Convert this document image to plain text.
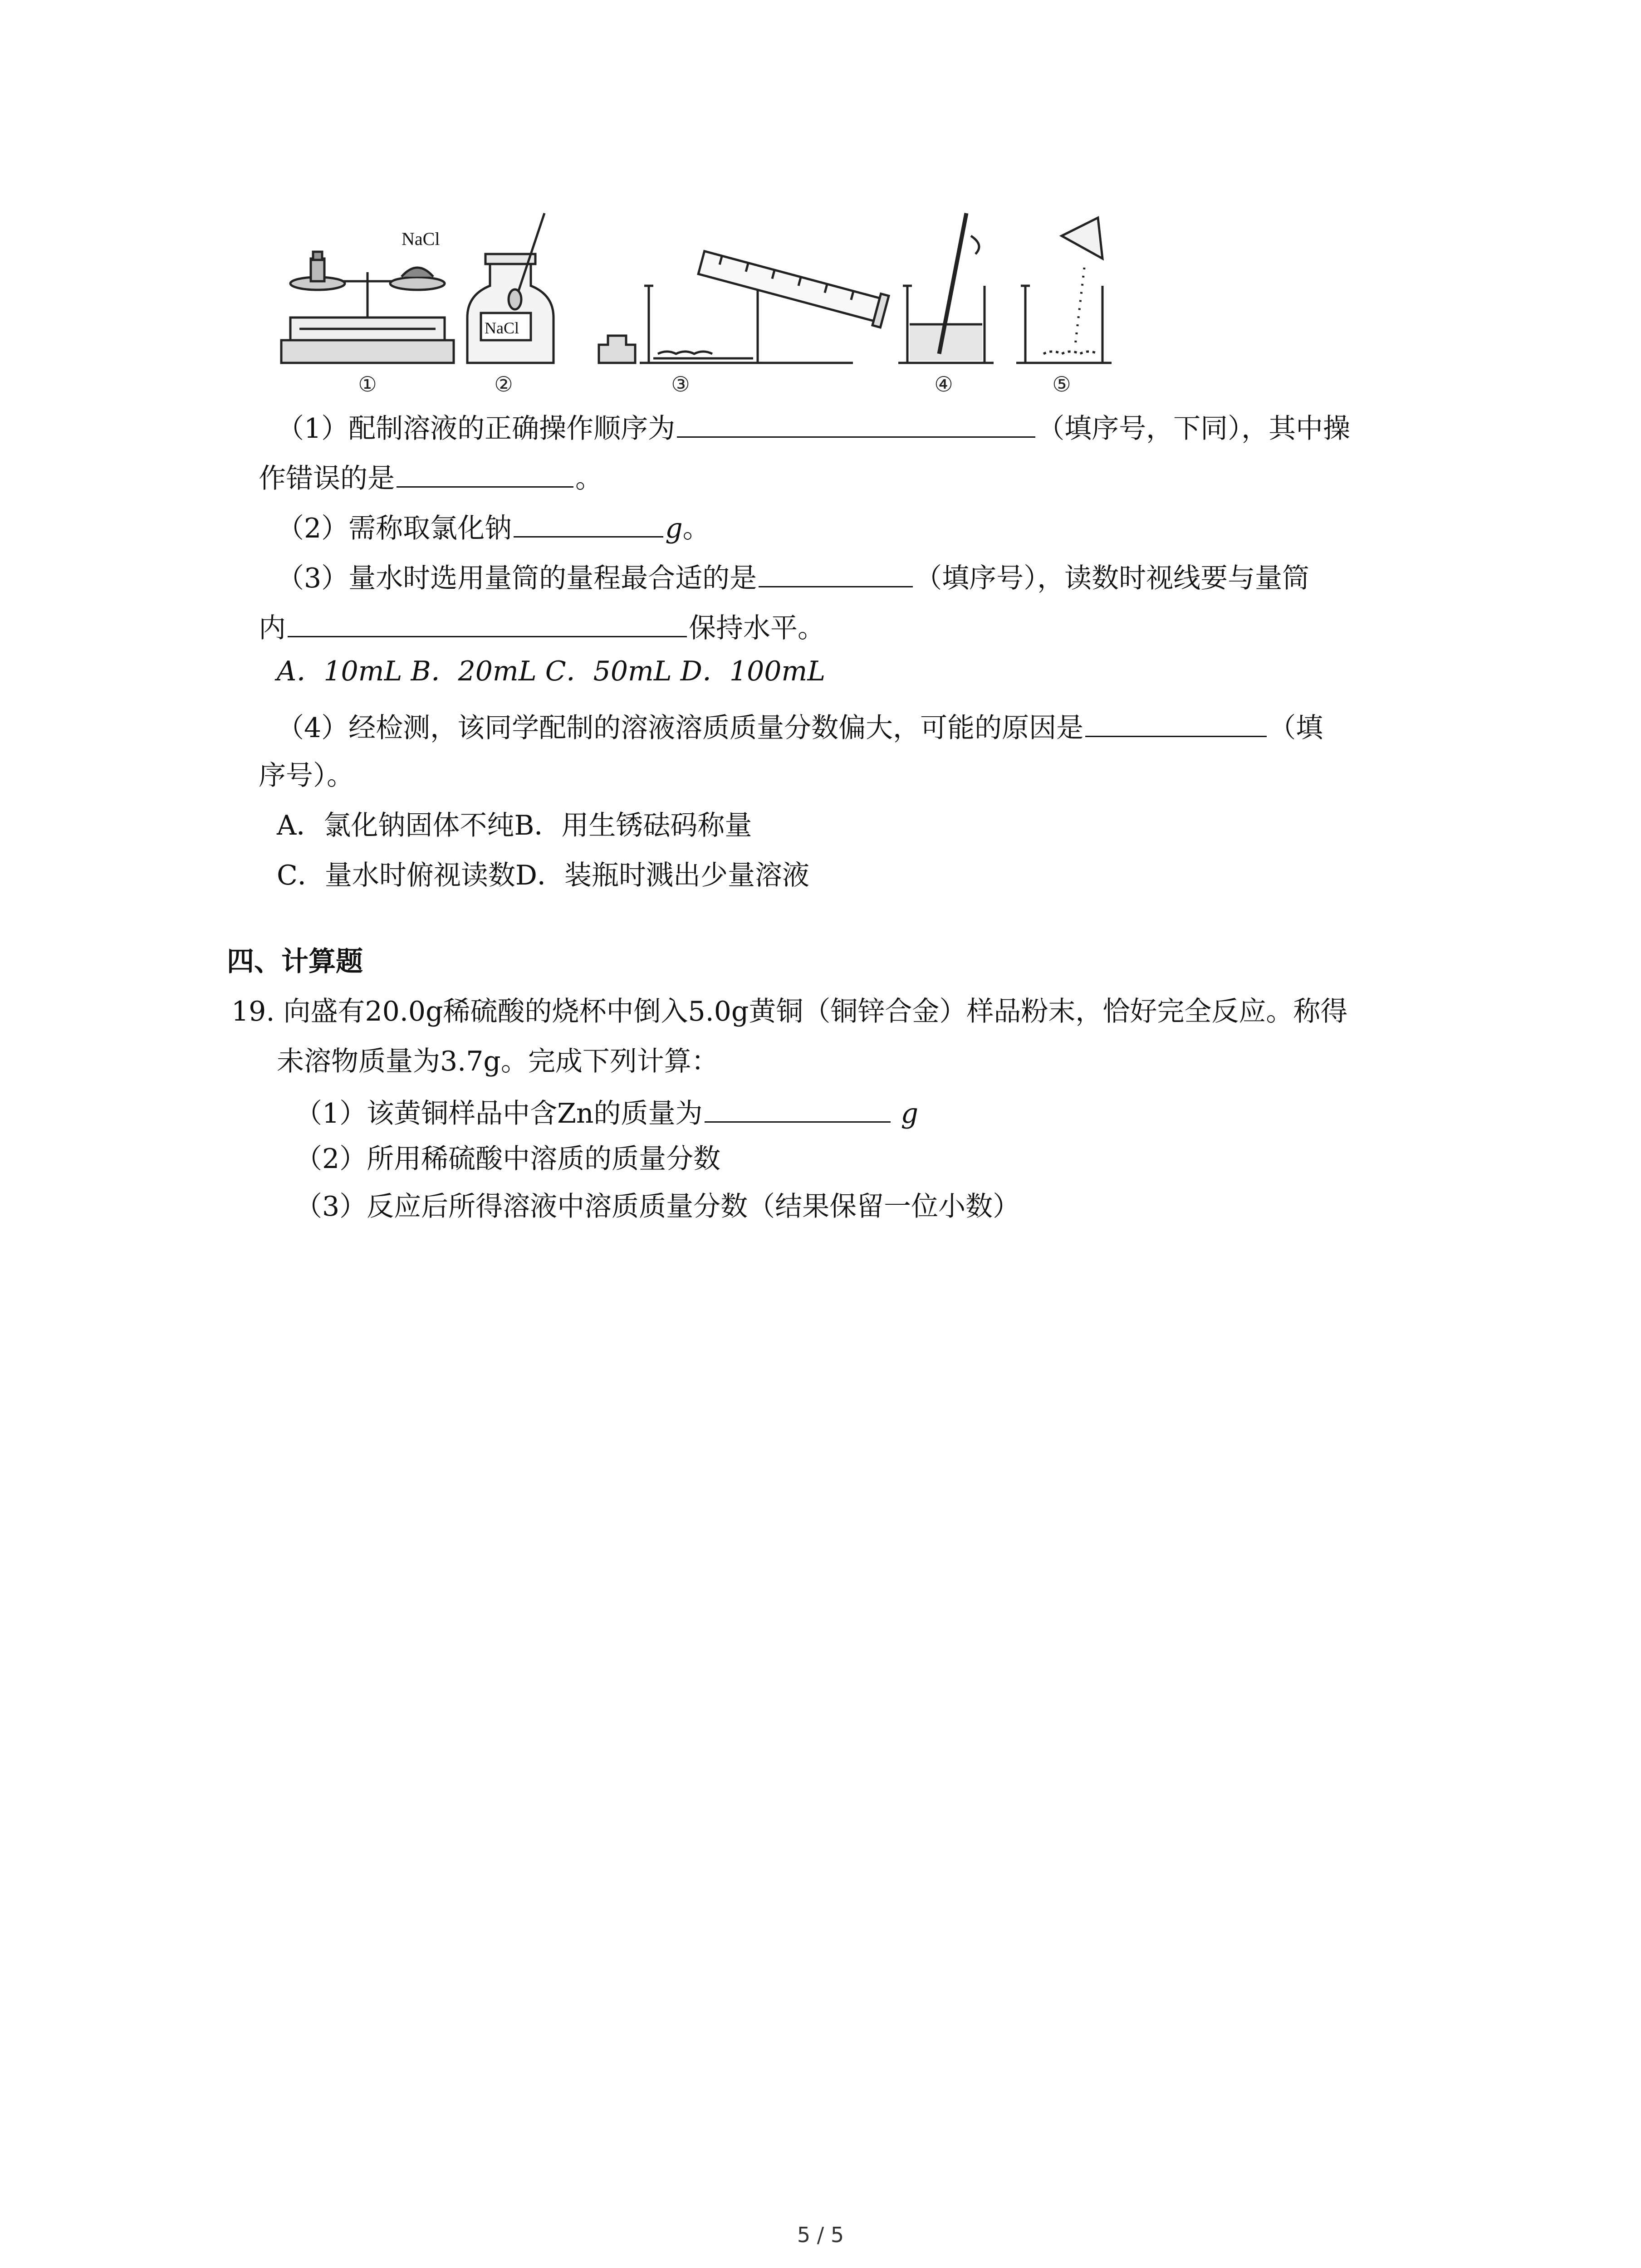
NaCl
NaCl
①	②	③	④	⑤
（1）配制溶液的正确操作顺序为	（填序号，下同），其中操
作错误的是	。
（2）需称取氯化钠	g。
（3）量水时选用量筒的量程最合适的是	（填序号），读数时视线要与量筒
内	保持水平。
A．10mL B．20mL C．50mL D．100mL
（4）经检测，该同学配制的溶液溶质质量分数偏大，可能的原因是	（填
序号）。
A．氯化钠固体不纯B．用生锈砝码称量
C．量水时俯视读数D．装瓶时溅出少量溶液
四、计算题
19. 向盛有20.0g稀硫酸的烧杯中倒入5.0g黄铜（铜锌合金）样品粉末，恰好完全反应。称得
未溶物质量为3.7g。完成下列计算：
（1）该黄铜样品中含Zn的质量为	g
（2）所用稀硫酸中溶质的质量分数
（3）反应后所得溶液中溶质质量分数（结果保留一位小数）
5 / 5
